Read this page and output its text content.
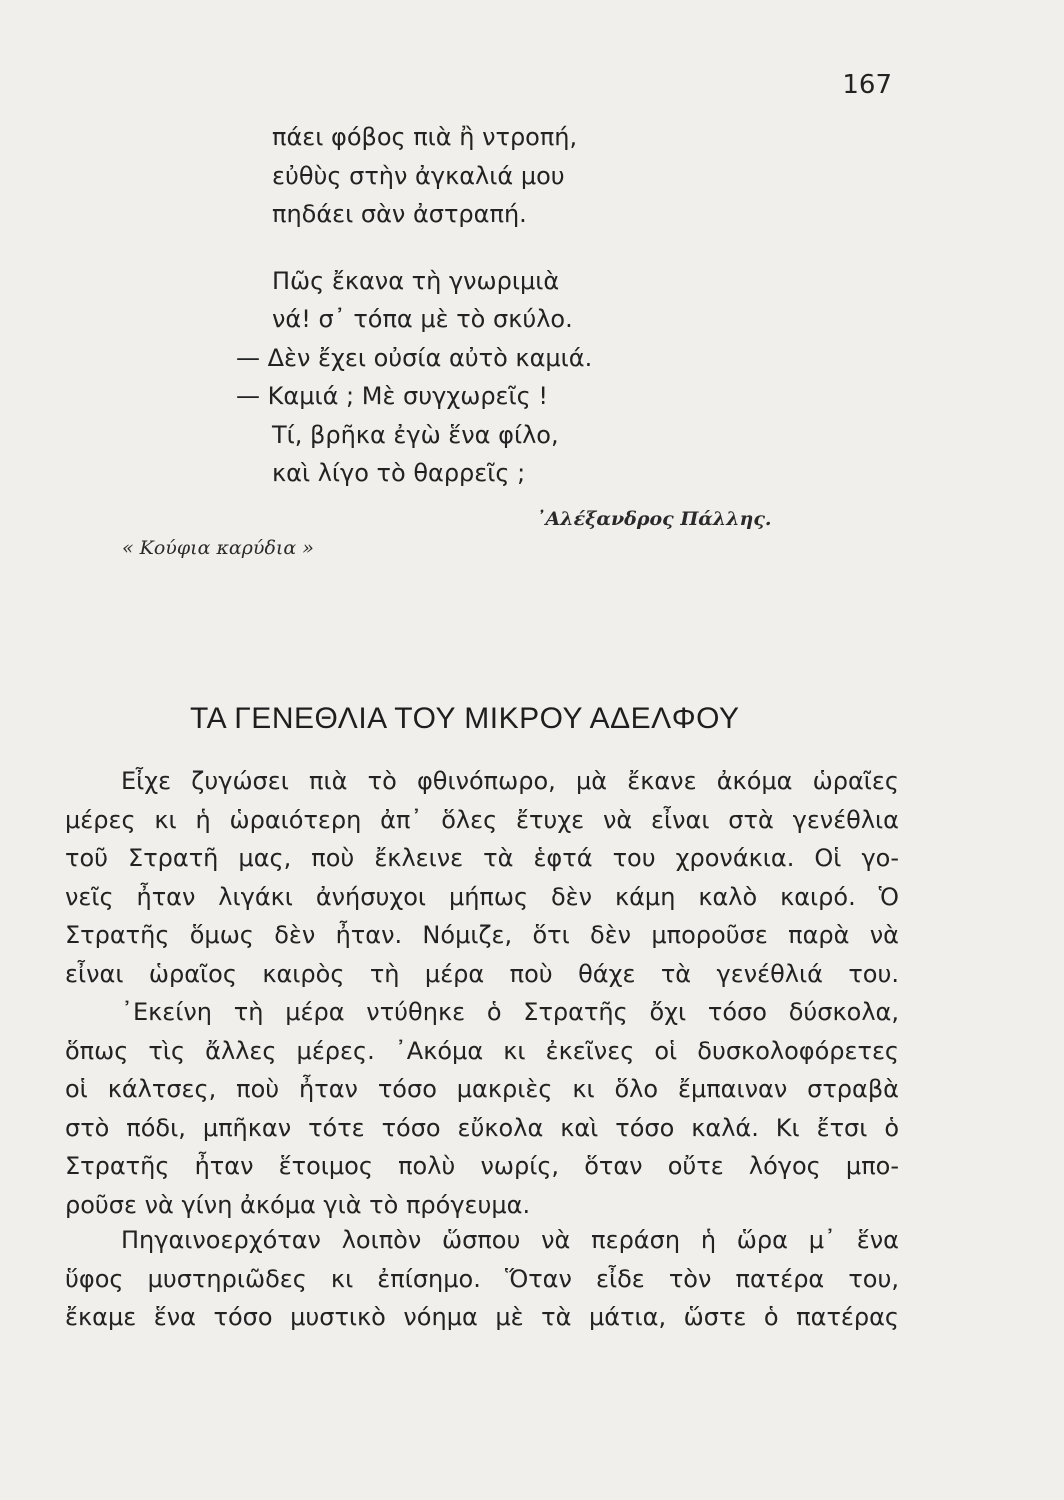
167
πάει φόβος πιὰ ἢ ντροπή,
εὐθὺς στὴν ἀγκαλιά μου
πηδάει σὰν ἀστραπή.
Πῶς ἔκανα τὴ γνωριμιὰ
νά! σ᾽ τόπα μὲ τὸ σκύλο.
— Δὲν ἔχει οὐσία αὐτὸ καμιά.
— Καμιά ; Μὲ συγχωρεῖς !
Τί, βρῆκα ἐγὼ ἕνα φίλο,
καὶ λίγο τὸ θαρρεῖς ;
᾿Αλέξανδρος Πάλλης.
« Κούφια καρύδια »
ΤΑ ΓΕΝΕΘΛΙΑ ΤΟΥ ΜΙΚΡΟΥ ΑΔΕΛΦΟΥ
Εἶχε ζυγώσει πιὰ τὸ φθινόπωρο, μὰ ἔκανε ἀκόμα ὡραῖες
μέρες κι ἡ ὡραιότερη ἀπ᾽ ὅλες ἔτυχε νὰ εἶναι στὰ γενέθλια
τοῦ Στρατῆ μας, ποὺ ἔκλεινε τὰ ἑφτά του χρονάκια. Οἱ γο-
νεῖς ἦταν λιγάκι ἀνήσυχοι μήπως δὲν κάμη καλὸ καιρό. Ὁ
Στρατῆς ὅμως δὲν ἦταν. Νόμιζε, ὅτι δὲν μποροῦσε παρὰ νὰ
εἶναι ὡραῖος καιρὸς τὴ μέρα ποὺ θάχε τὰ γενέθλιά του.
᾿Εκείνη τὴ μέρα ντύθηκε ὁ Στρατῆς ὄχι τόσο δύσκολα,
ὅπως τὶς ἄλλες μέρες. ᾿Ακόμα κι ἐκεῖνες οἱ δυσκολοφόρετες
οἱ κάλτσες, ποὺ ἦταν τόσο μακριὲς κι ὅλο ἔμπαιναν στραβὰ
στὸ πόδι, μπῆκαν τότε τόσο εὔκολα καὶ τόσο καλά. Κι ἔτσι ὁ
Στρατῆς ἦταν ἕτοιμος πολὺ νωρίς, ὅταν οὔτε λόγος μπο-
ροῦσε νὰ γίνη ἀκόμα γιὰ τὸ πρόγευμα.
Πηγαινοερχόταν λοιπὸν ὥσπου νὰ περάση ἡ ὥρα μ᾽ ἕνα
ὕφος μυστηριῶδες κι ἐπίσημο. Ὅταν εἶδε τὸν πατέρα του,
ἔκαμε ἕνα τόσο μυστικὸ νόημα μὲ τὰ μάτια, ὥστε ὁ πατέρας
